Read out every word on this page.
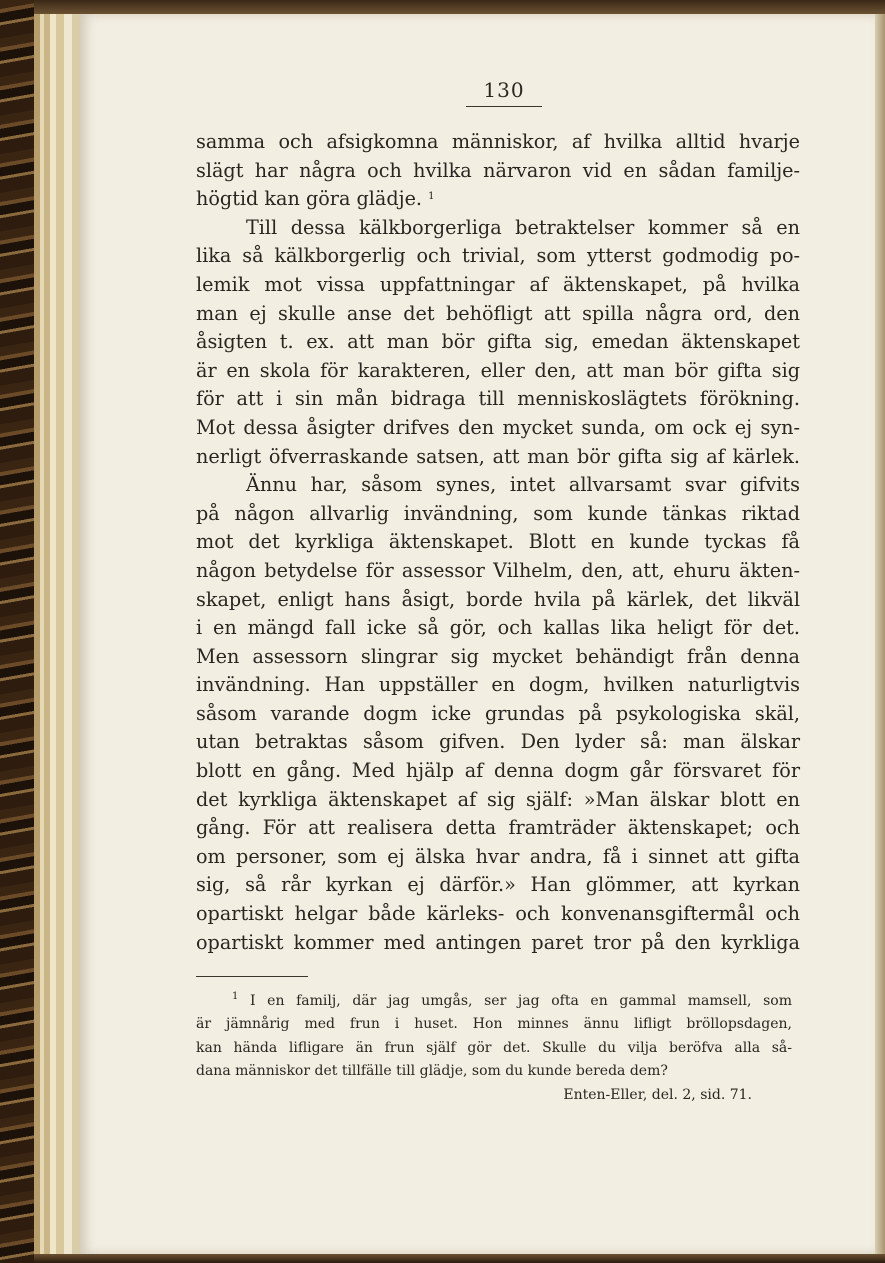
130
samma och afsigkomna människor, af hvilka alltid hvarje
slägt har några och hvilka närvaron vid en sådan familje-
högtid kan göra glädje. $^1$
Till dessa kälkborgerliga betraktelser kommer så en
lika så kälkborgerlig och trivial, som ytterst godmodig po-
lemik mot vissa uppfattningar af äktenskapet, på hvilka
man ej skulle anse det behöfligt att spilla några ord, den
åsigten t. ex. att man bör gifta sig, emedan äktenskapet
är en skola för karakteren, eller den, att man bör gifta sig
för att i sin mån bidraga till menniskoslägtets förökning.
Mot dessa åsigter drifves den mycket sunda, om ock ej syn-
nerligt öfverraskande satsen, att man bör gifta sig af kärlek.
Ännu har, såsom synes, intet allvarsamt svar gifvits
på någon allvarlig invändning, som kunde tänkas riktad
mot det kyrkliga äktenskapet. Blott en kunde tyckas få
någon betydelse för assessor Vilhelm, den, att, ehuru äkten-
skapet, enligt hans åsigt, borde hvila på kärlek, det likväl
i en mängd fall icke så gör, och kallas lika heligt för det.
Men assessorn slingrar sig mycket behändigt från denna
invändning. Han uppställer en dogm, hvilken naturligtvis
såsom varande dogm icke grundas på psykologiska skäl,
utan betraktas såsom gifven. Den lyder så: man älskar
blott en gång. Med hjälp af denna dogm går försvaret för
det kyrkliga äktenskapet af sig själf: »Man älskar blott en
gång. För att realisera detta framträder äktenskapet; och
om personer, som ej älska hvar andra, få i sinnet att gifta
sig, så rår kyrkan ej därför.» Han glömmer, att kyrkan
opartiskt helgar både kärleks- och konvenansgiftermål och
opartiskt kommer med antingen paret tror på den kyrkliga
$^1$ I en familj, där jag umgås, ser jag ofta en gammal mamsell, som
är jämnårig med frun i huset. Hon minnes ännu lifligt bröllopsdagen,
kan hända lifligare än frun själf gör det. Skulle du vilja beröfva alla så-
dana människor det tillfälle till glädje, som du kunde bereda dem?
Enten-Eller, del. 2, sid. 71.
